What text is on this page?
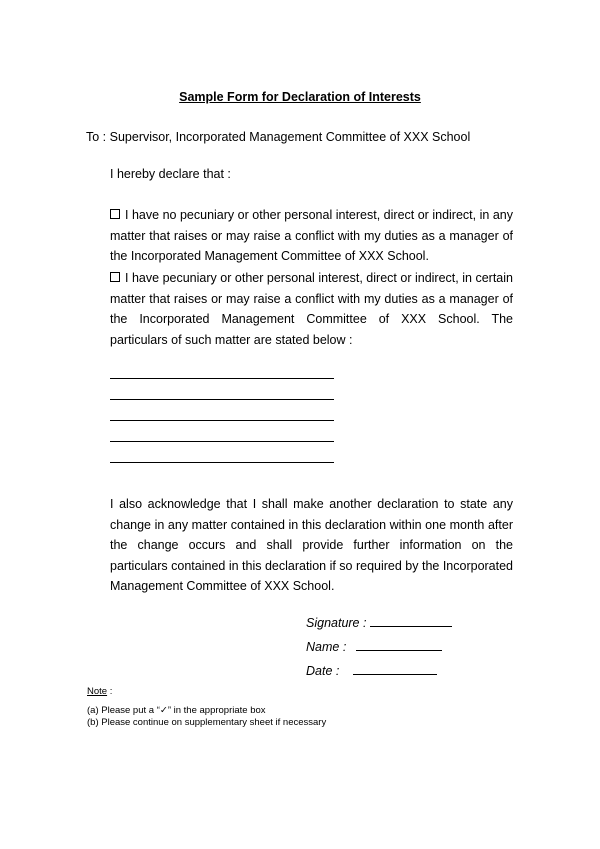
Sample Form for Declaration of Interests
To : Supervisor, Incorporated Management Committee of XXX School
I hereby declare that :
I have no pecuniary or other personal interest, direct or indirect, in any matter that raises or may raise a conflict with my duties as a manager of the Incorporated Management Committee of XXX School.
I have pecuniary or other personal interest, direct or indirect, in certain matter that raises or may raise a conflict with my duties as a manager of the Incorporated Management Committee of XXX School. The particulars of such matter are stated below :
I also acknowledge that I shall make another declaration to state any change in any matter contained in this declaration within one month after the change occurs and shall provide further information on the particulars contained in this declaration if so required by the Incorporated Management Committee of XXX School.
Signature :
Name :
Date :
Note :
(a) Please put a “✓” in the appropriate box
(b) Please continue on supplementary sheet if necessary
